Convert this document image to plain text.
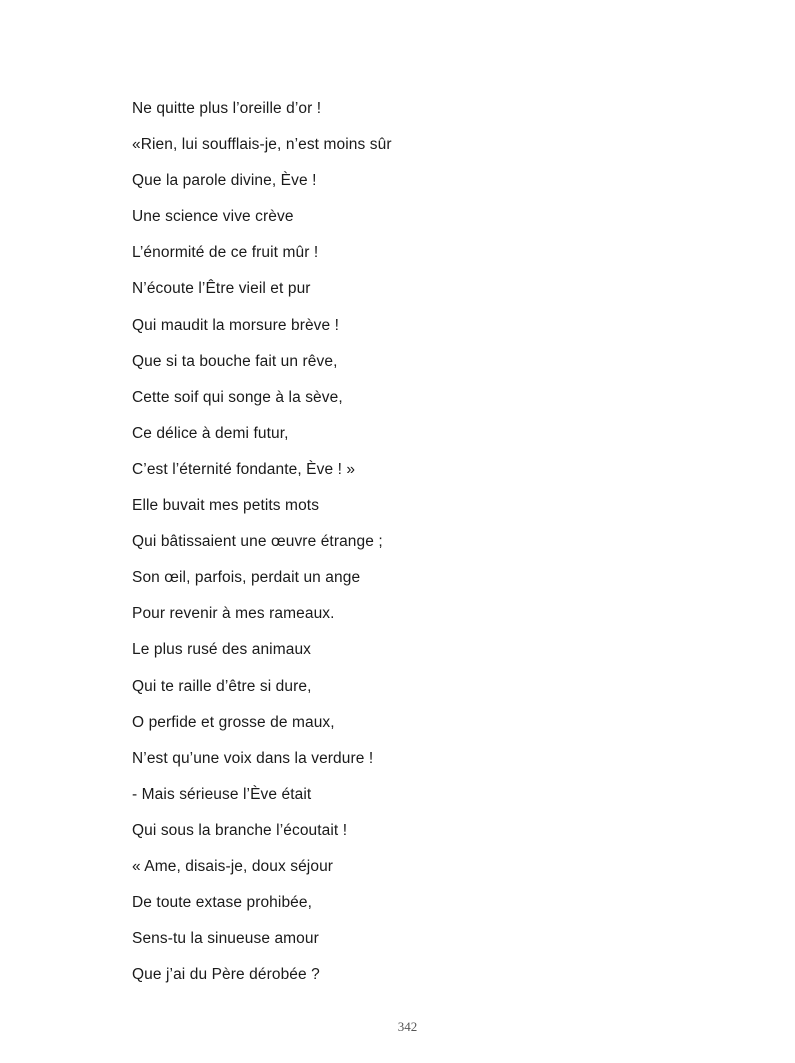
Ne quitte plus l’oreille d’or !
«Rien, lui soufflais-je, n’est moins sûr
Que la parole divine, Ève !
Une science vive crève
L’énormité de ce fruit mûr !
N’écoute l’Être vieil et pur
Qui maudit la morsure brève !
Que si ta bouche fait un rêve,
Cette soif qui songe à la sève,
Ce délice à demi futur,
C’est l’éternité fondante, Ève ! »
Elle buvait mes petits mots
Qui bâtissaient une œuvre étrange ;
Son œil, parfois, perdait un ange
Pour revenir à mes rameaux.
Le plus rusé des animaux
Qui te raille d’être si dure,
O perfide et grosse de maux,
N’est qu’une voix dans la verdure !
- Mais sérieuse l’Ève était
Qui sous la branche l’écoutait !
« Ame, disais-je, doux séjour
De toute extase prohibée,
Sens-tu la sinueuse amour
Que j’ai du Père dérobée ?
342
